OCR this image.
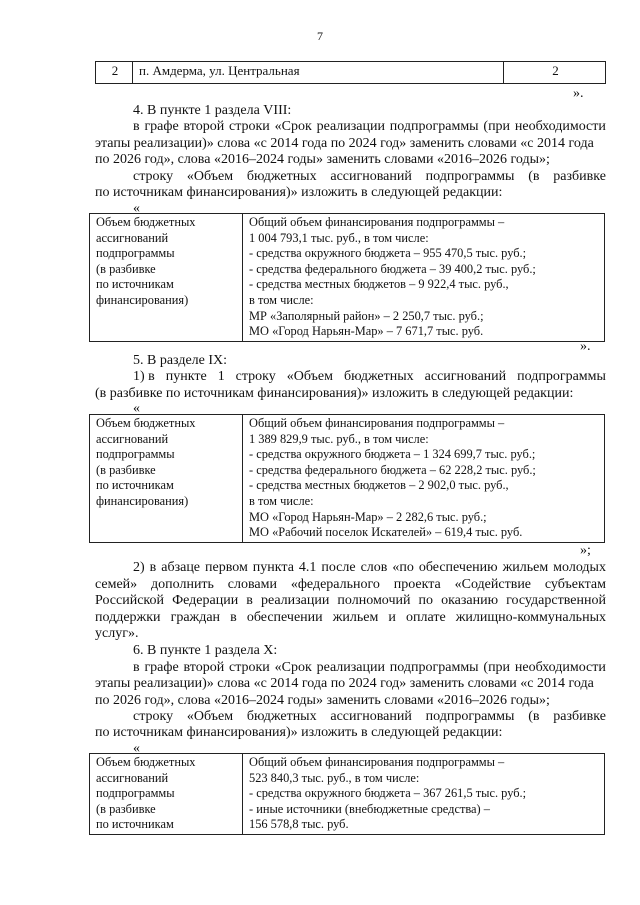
7
2	п. Амдерма, ул. Центральная	2
».
4. В пункте 1 раздела VIII:
в графе второй строки «Срок реализации подпрограммы (при необходимости
этапы реализации)» слова «с 2014 года по 2024 год» заменить словами «с 2014 года
по 2026 год», слова «2016–2024 годы» заменить словами «2016–2026 годы»;
строку «Объем бюджетных ассигнований подпрограммы (в разбивке
по источникам финансирования)» изложить в следующей редакции:
«
Объем бюджетных
ассигнований
подпрограммы
(в разбивке
по источникам
финансирования)

Общий объем финансирования подпрограммы –
1 004 793,1 тыс. руб., в том числе:
- средства окружного бюджета – 955 470,5 тыс. руб.;
- средства федерального бюджета – 39 400,2 тыс. руб.;
- средства местных бюджетов – 9 922,4 тыс. руб.,
в том числе:
МР «Заполярный район» – 2 250,7 тыс. руб.;
МО «Город Нарьян-Мар» – 7 671,7 тыс. руб.
».
5. В разделе IX:
1) в пункте 1 строку «Объем бюджетных ассигнований подпрограммы
(в разбивке по источникам финансирования)» изложить в следующей редакции:
«
Объем бюджетных
ассигнований
подпрограммы
(в разбивке
по источникам
финансирования)

Общий объем финансирования подпрограммы –
1 389 829,9 тыс. руб., в том числе:
- средства окружного бюджета – 1 324 699,7 тыс. руб.;
- средства федерального бюджета – 62 228,2 тыс. руб.;
- средства местных бюджетов – 2 902,0 тыс. руб.,
в том числе:
МО «Город Нарьян-Мар» – 2 282,6 тыс. руб.;
МО «Рабочий поселок Искателей» – 619,4 тыс. руб.
»;
2) в абзаце первом пункта 4.1 после слов «по обеспечению жильем молодых
семей» дополнить словами «федерального проекта «Содействие субъектам
Российской Федерации в реализации полномочий по оказанию государственной
поддержки граждан в обеспечении жильем и оплате жилищно-коммунальных
услуг».
6. В пункте 1 раздела X:
в графе второй строки «Срок реализации подпрограммы (при необходимости
этапы реализации)» слова «с 2014 года по 2024 год» заменить словами «с 2014 года
по 2026 год», слова «2016–2024 годы» заменить словами «2016–2026 годы»;
строку «Объем бюджетных ассигнований подпрограммы (в разбивке
по источникам финансирования)» изложить в следующей редакции:
«
Объем бюджетных
ассигнований
подпрограммы
(в разбивке
по источникам

Общий объем финансирования подпрограммы –
523 840,3 тыс. руб., в том числе:
- средства окружного бюджета – 367 261,5 тыс. руб.;
- иные источники (внебюджетные средства) –
156 578,8 тыс. руб.
